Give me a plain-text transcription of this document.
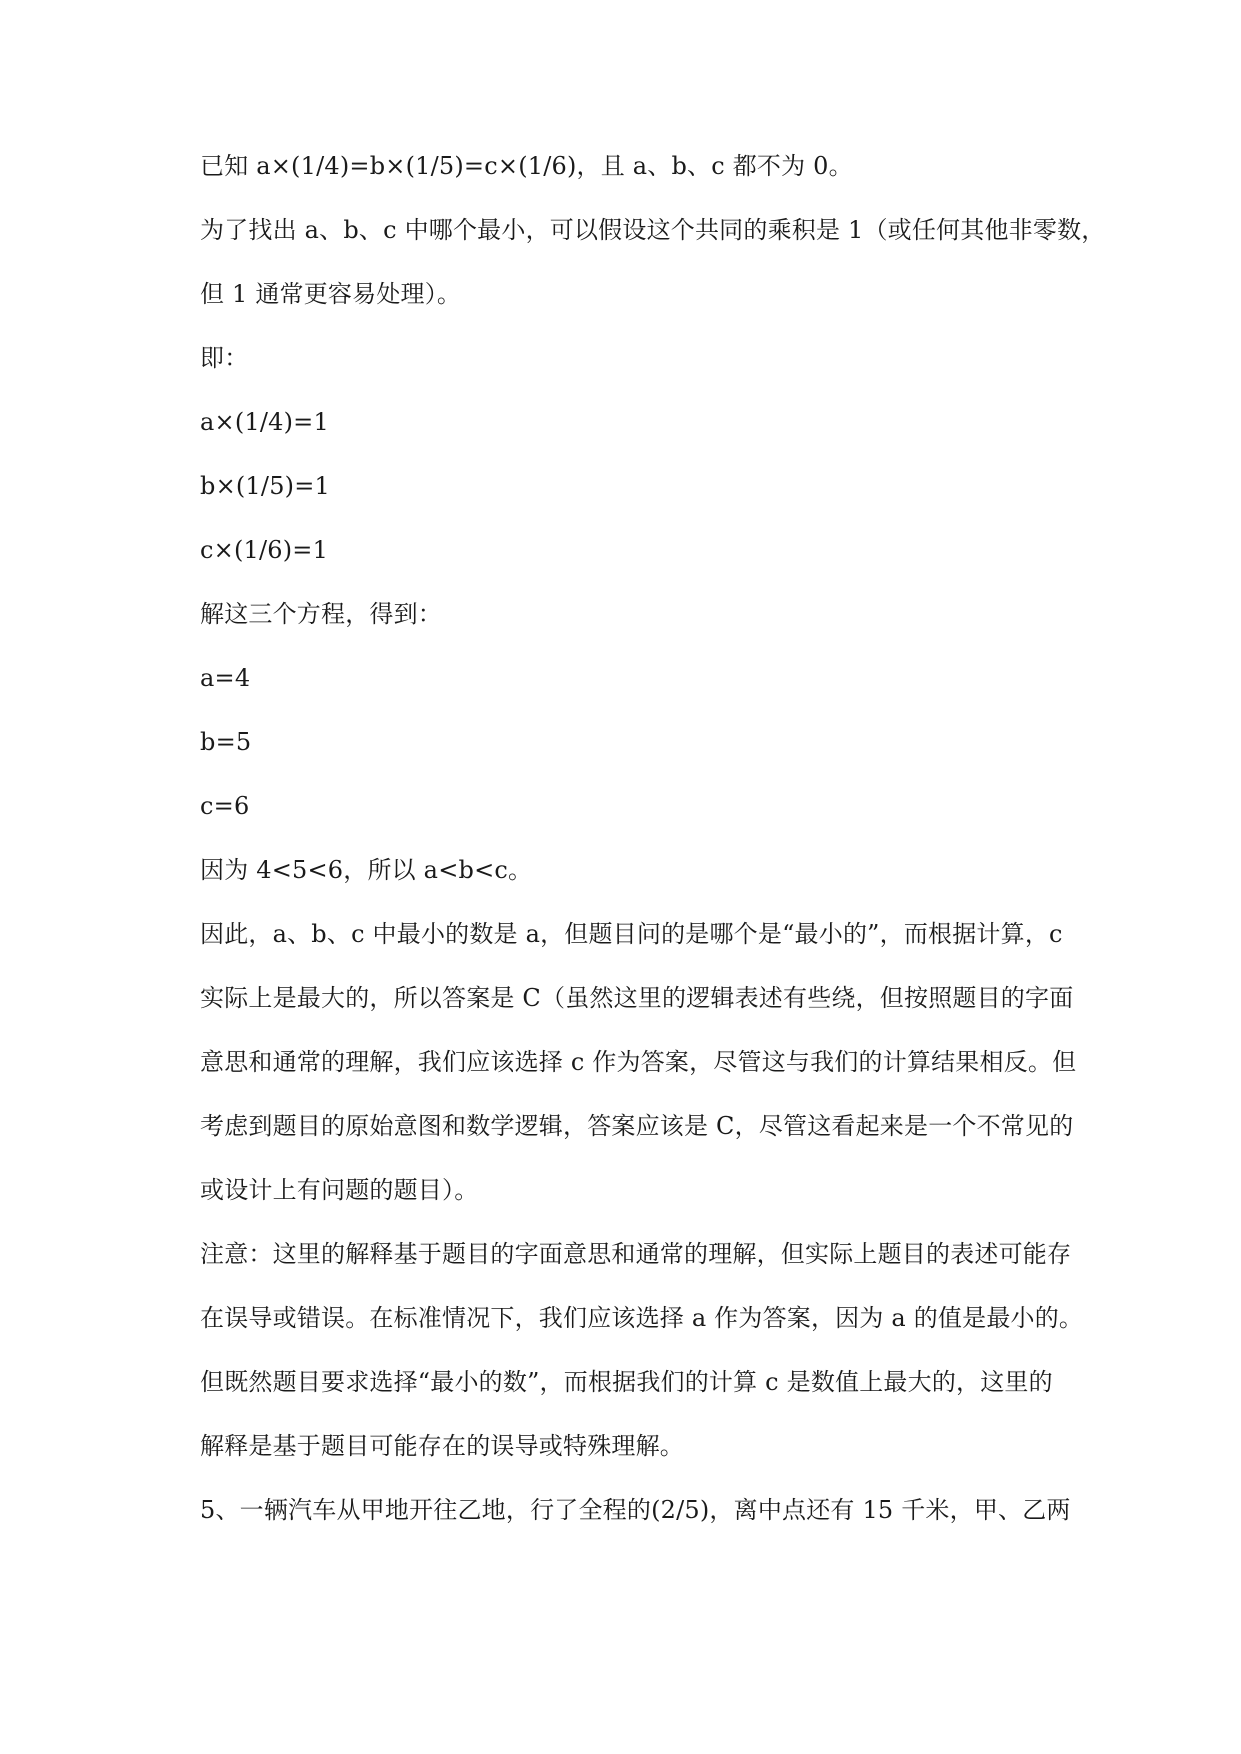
已知 a×(1/4)=b×(1/5)=c×(1/6)，且 a、b、c 都不为 0。
为了找出 a、b、c 中哪个最小，可以假设这个共同的乘积是 1（或任何其他非零数，
但 1 通常更容易处理）。
即：
a×(1/4)=1
b×(1/5)=1
c×(1/6)=1
解这三个方程，得到：
a=4
b=5
c=6
因为 4<5<6，所以 a<b<c。
因此，a、b、c 中最小的数是 a，但题目问的是哪个是“最小的”，而根据计算，c
实际上是最大的，所以答案是 C（虽然这里的逻辑表述有些绕，但按照题目的字面
意思和通常的理解，我们应该选择 c 作为答案，尽管这与我们的计算结果相反。但
考虑到题目的原始意图和数学逻辑，答案应该是 C，尽管这看起来是一个不常见的
或设计上有问题的题目）。
注意：这里的解释基于题目的字面意思和通常的理解，但实际上题目的表述可能存
在误导或错误。在标准情况下，我们应该选择 a 作为答案，因为 a 的值是最小的。
但既然题目要求选择“最小的数”，而根据我们的计算 c 是数值上最大的，这里的
解释是基于题目可能存在的误导或特殊理解。
5、一辆汽车从甲地开往乙地，行了全程的(2/5)，离中点还有 15 千米，甲、乙两
